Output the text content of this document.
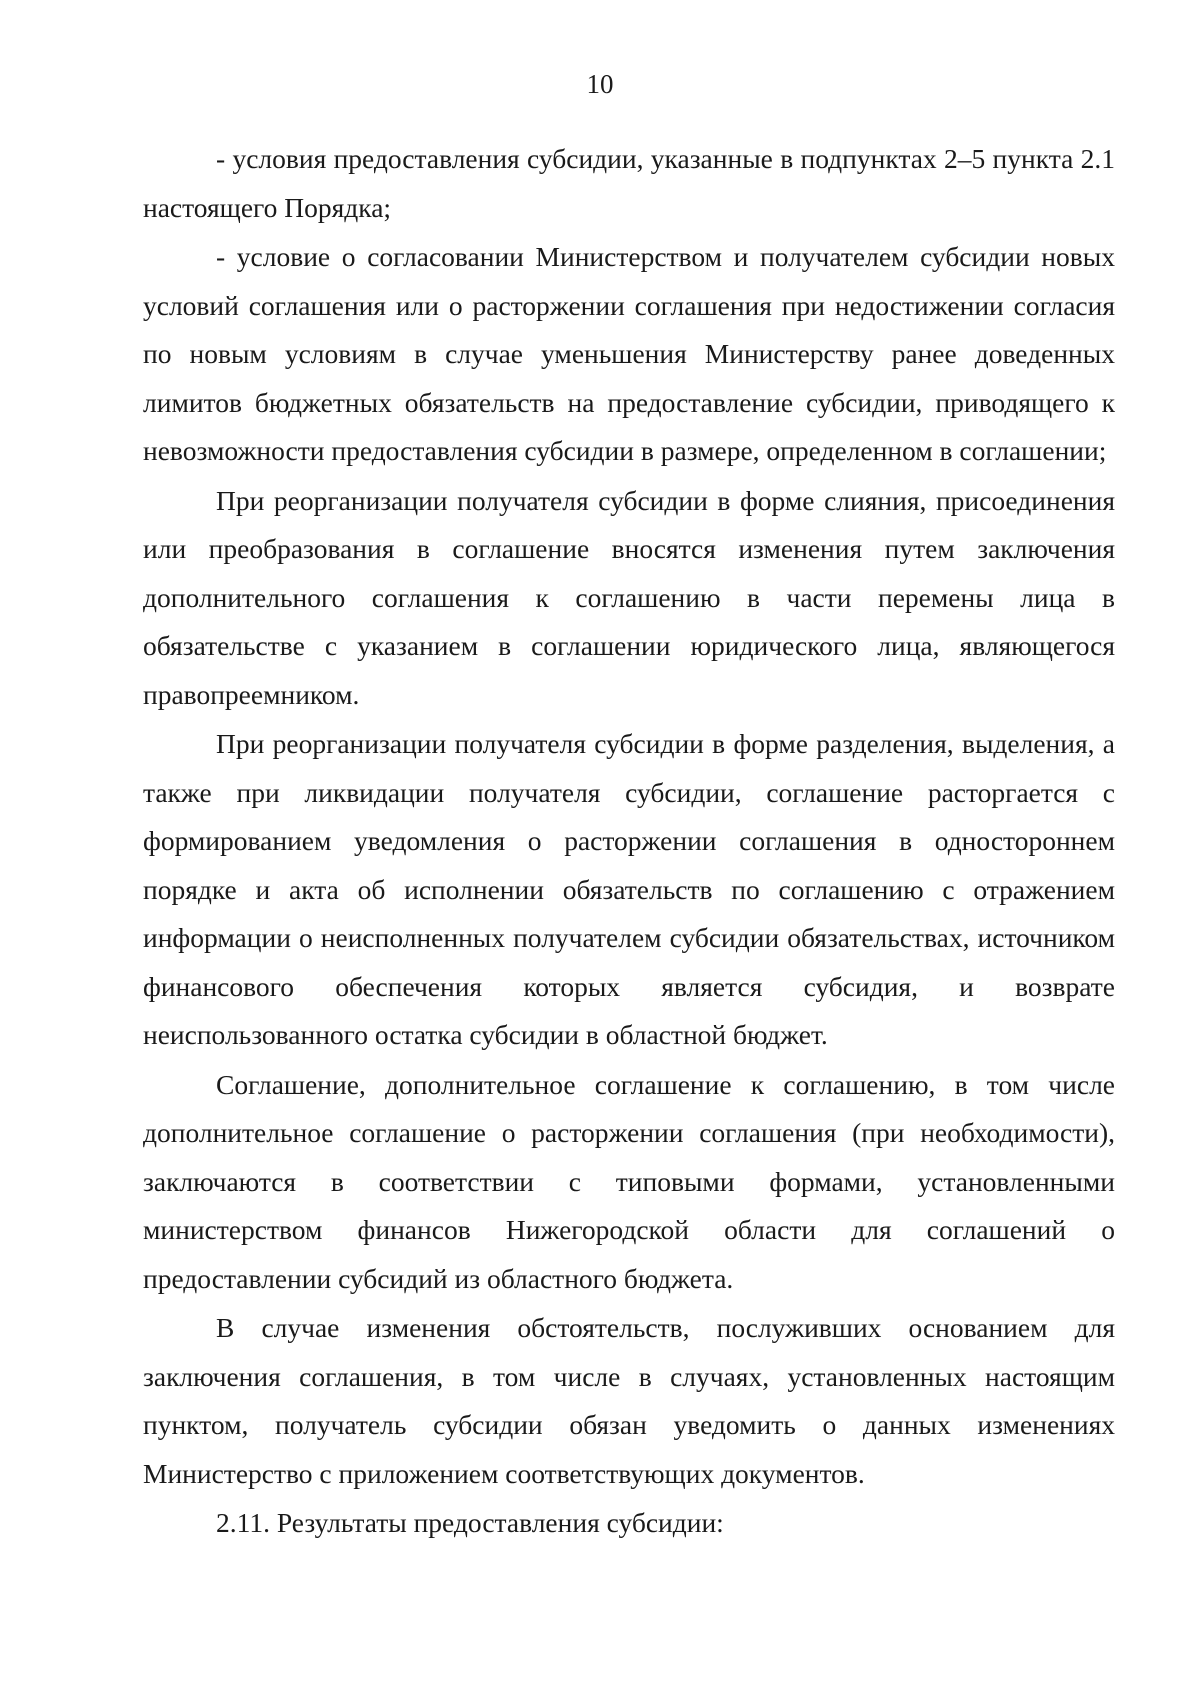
10

- условия предоставления субсидии, указанные в подпунктах 2–5 пункта 2.1 настоящего Порядка;

- условие о согласовании Министерством и получателем субсидии новых условий соглашения или о расторжении соглашения при недостижении согласия по новым условиям в случае уменьшения Министерству ранее доведенных лимитов бюджетных обязательств на предоставление субсидии, приводящего к невозможности предоставления субсидии в размере, определенном в соглашении;

При реорганизации получателя субсидии в форме слияния, присоединения или преобразования в соглашение вносятся изменения путем заключения дополнительного соглашения к соглашению в части перемены лица в обязательстве с указанием в соглашении юридического лица, являющегося правопреемником.

При реорганизации получателя субсидии в форме разделения, выделения, а также при ликвидации получателя субсидии, соглашение расторгается с формированием уведомления о расторжении соглашения в одностороннем порядке и акта об исполнении обязательств по соглашению с отражением информации о неисполненных получателем субсидии обязательствах, источником финансового обеспечения которых является субсидия, и возврате неиспользованного остатка субсидии в областной бюджет.

Соглашение, дополнительное соглашение к соглашению, в том числе дополнительное соглашение о расторжении соглашения (при необходимости), заключаются в соответствии с типовыми формами, установленными министерством финансов Нижегородской области для соглашений о предоставлении субсидий из областного бюджета.

В случае изменения обстоятельств, послуживших основанием для заключения соглашения, в том числе в случаях, установленных настоящим пунктом, получатель субсидии обязан уведомить о данных изменениях Министерство с приложением соответствующих документов.

2.11. Результаты предоставления субсидии:
